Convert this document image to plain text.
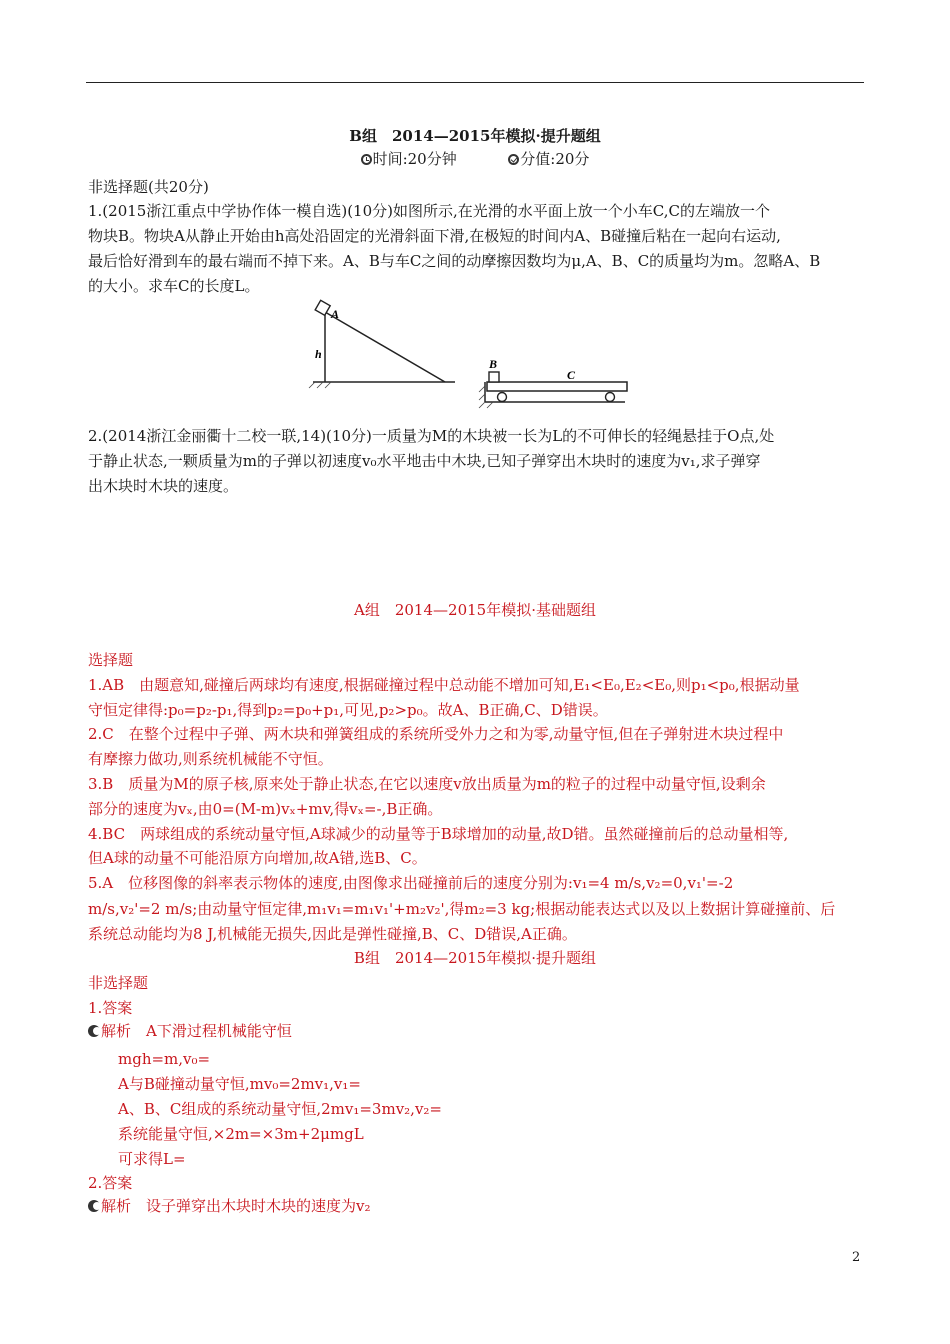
B组　2014—2015年模拟·提升题组
时间:20分钟	分值:20分
非选择题(共20分)
1.(2015浙江重点中学协作体一模自选)(10分)如图所示,在光滑的水平面上放一个小车C,C的左端放一个
物块B。物块A从静止开始由h高处沿固定的光滑斜面下滑,在极短的时间内A、B碰撞后粘在一起向右运动,
最后恰好滑到车的最右端而不掉下来。A、B与车C之间的动摩擦因数均为μ,A、B、C的质量均为m。忽略A、B
的大小。求车C的长度L。
A
h
B
C
2.(2014浙江金丽衢十二校一联,14)(10分)一质量为M的木块被一长为L的不可伸长的轻绳悬挂于O点,处
于静止状态,一颗质量为m的子弹以初速度v₀水平地击中木块,已知子弹穿出木块时的速度为v₁,求子弹穿
出木块时木块的速度。
A组　2014—2015年模拟·基础题组
选择题
1.AB　由题意知,碰撞后两球均有速度,根据碰撞过程中总动能不增加可知,E₁<E₀,E₂<E₀,则p₁<p₀,根据动量
守恒定律得:p₀=p₂-p₁,得到p₂=p₀+p₁,可见,p₂>p₀。故A、B正确,C、D错误。
2.C　在整个过程中子弹、两木块和弹簧组成的系统所受外力之和为零,动量守恒,但在子弹射进木块过程中
有摩擦力做功,则系统机械能不守恒。
3.B　质量为M的原子核,原来处于静止状态,在它以速度v放出质量为m的粒子的过程中动量守恒,设剩余
部分的速度为vₓ,由0=(M-m)vₓ+mv,得vₓ=-,B正确。
4.BC　两球组成的系统动量守恒,A球减少的动量等于B球增加的动量,故D错。虽然碰撞前后的总动量相等,
但A球的动量不可能沿原方向增加,故A错,选B、C。
5.A　位移图像的斜率表示物体的速度,由图像求出碰撞前后的速度分别为:v₁=4 m/s,v₂=0,v₁'=-2
m/s,v₂'=2 m/s;由动量守恒定律,m₁v₁=m₁v₁'+m₂v₂',得m₂=3 kg;根据动能表达式以及以上数据计算碰撞前、后
系统总动能均为8 J,机械能无损失,因此是弹性碰撞,B、C、D错误,A正确。
B组　2014—2015年模拟·提升题组
非选择题
1.答案
解析　A下滑过程机械能守恒
mgh=m,v₀=
A与B碰撞动量守恒,mv₀=2mv₁,v₁=
A、B、C组成的系统动量守恒,2mv₁=3mv₂,v₂=
系统能量守恒,×2m=×3m+2μmgL
可求得L=
2.答案
解析　设子弹穿出木块时木块的速度为v₂
2
